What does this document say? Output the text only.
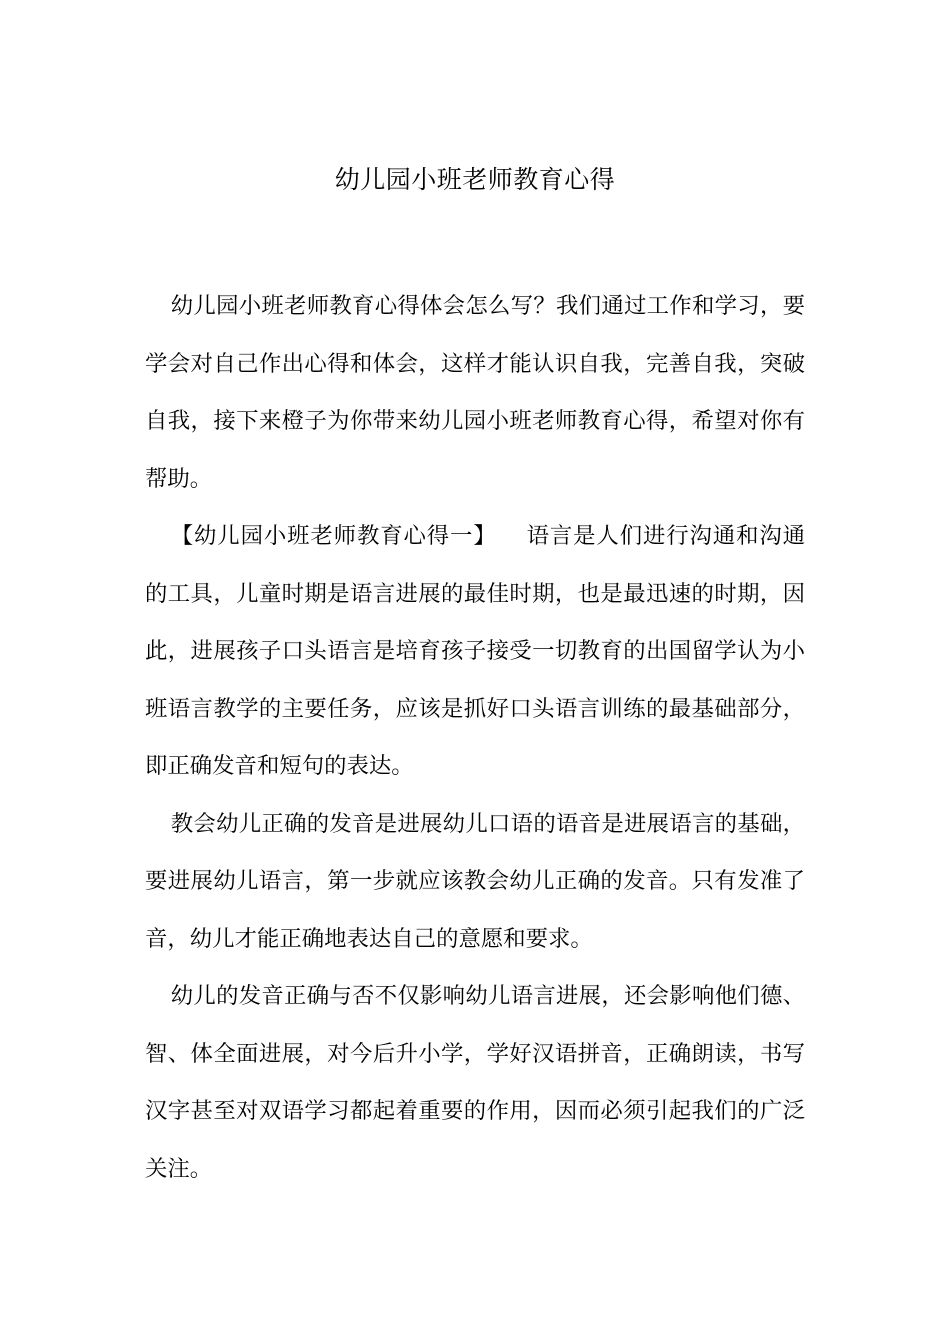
幼儿园小班老师教育心得

幼儿园小班老师教育心得体会怎么写？我们通过工作和学习，要学会对自己作出心得和体会，这样才能认识自我，完善自我，突破自我，接下来橙子为你带来幼儿园小班老师教育心得，希望对你有帮助。

【幼儿园小班老师教育心得一】 语言是人们进行沟通和沟通的工具，儿童时期是语言进展的最佳时期，也是最迅速的时期，因此，进展孩子口头语言是培育孩子接受一切教育的出国留学认为小班语言教学的主要任务，应该是抓好口头语言训练的最基础部分，即正确发音和短句的表达。

教会幼儿正确的发音是进展幼儿口语的语音是进展语言的基础，要进展幼儿语言，第一步就应该教会幼儿正确的发音。只有发准了音，幼儿才能正确地表达自己的意愿和要求。

幼儿的发音正确与否不仅影响幼儿语言进展，还会影响他们德、智、体全面进展，对今后升小学，学好汉语拼音，正确朗读，书写汉字甚至对双语学习都起着重要的作用，因而必须引起我们的广泛关注。
